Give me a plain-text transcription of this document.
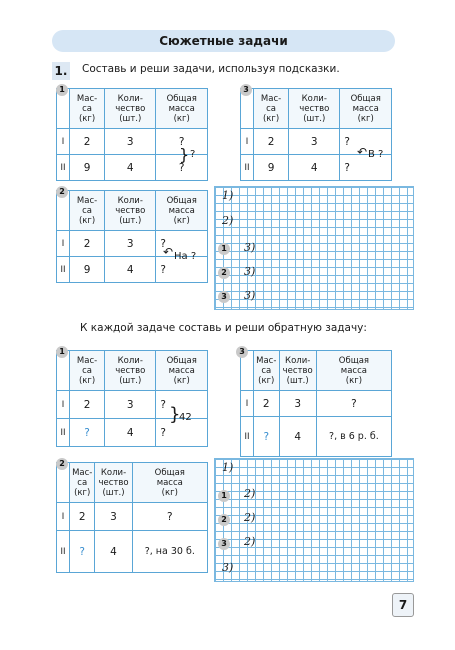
Сюжетные задачи
1. Составь и реши задачи, используя подсказки.
	Мас-
са
(кг)	Коли-
чество
(шт.)	Общая
масса
(кг)
I	2	3	?
II	9	4	?
1
} ?
	Мас-
са
(кг)	Коли-
чество
(шт.)	Общая
масса
(кг)
I	2	3	?
II	9	4	?
3
↶ В ?
	Мас-
са
(кг)	Коли-
чество
(шт.)	Общая
масса
(кг)
I	2	3	?
II	9	4	?
2
↶ На ?
1)
2)
1 3)
2 3)
3 3)
К каждой задаче составь и реши обратную задачу:
	Мас-
са
(кг)	Коли-
чество
(шт.)	Общая
масса
(кг)
I	2	3	?
II	?	4	?
1
}
42
	Мас-
са
(кг)	Коли-
чество
(шт.)	Общая
масса
(кг)
I	2	3	?
II	?	4	?, в 6 р. б.
3
	Мас-
са
(кг)	Коли-
чество
(шт.)	Общая
масса
(кг)
I	2	3	?
II	?	4	?, на 30 б.
2	1)
1 2)
2 2)
3 2)
3)
7
